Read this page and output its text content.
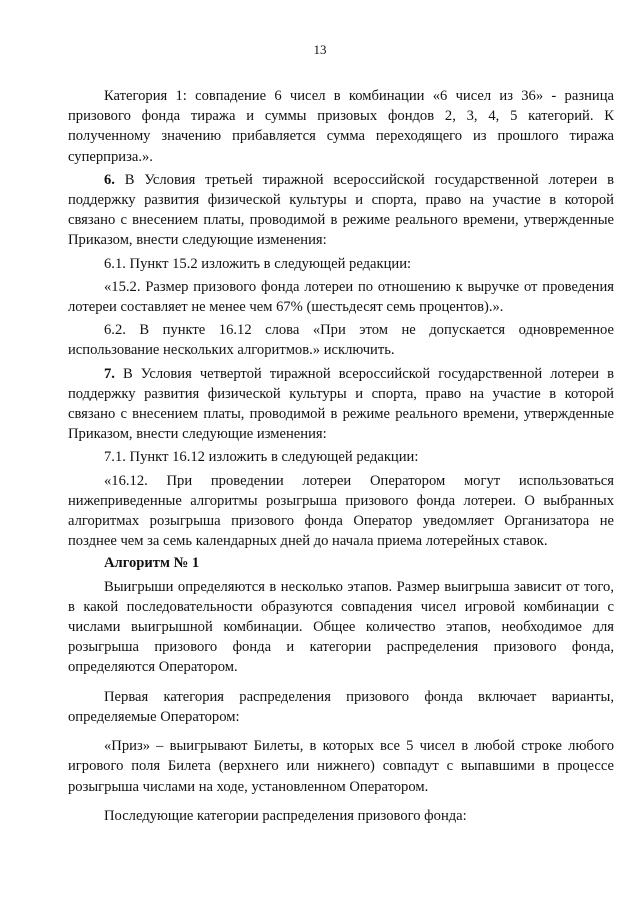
13

Категория 1: совпадение 6 чисел в комбинации «6 чисел из 36» - разница призового фонда тиража и суммы призовых фондов 2, 3, 4, 5 категорий. К полученному значению прибавляется сумма переходящего из прошлого тиража суперприза.».

6. В Условия третьей тиражной всероссийской государственной лотереи в поддержку развития физической культуры и спорта, право на участие в которой связано с внесением платы, проводимой в режиме реального времени, утвержденные Приказом, внести следующие изменения:

6.1. Пункт 15.2 изложить в следующей редакции:

«15.2. Размер призового фонда лотереи по отношению к выручке от проведения лотереи составляет не менее чем 67% (шестьдесят семь процентов).».

6.2. В пункте 16.12 слова «При этом не допускается одновременное использование нескольких алгоритмов.» исключить.

7. В Условия четвертой тиражной всероссийской государственной лотереи в поддержку развития физической культуры и спорта, право на участие в которой связано с внесением платы, проводимой в режиме реального времени, утвержденные Приказом, внести следующие изменения:

7.1. Пункт 16.12 изложить в следующей редакции:

«16.12. При проведении лотереи Оператором могут использоваться нижеприведенные алгоритмы розыгрыша призового фонда лотереи. О выбранных алгоритмах розыгрыша призового фонда Оператор уведомляет Организатора не позднее чем за семь календарных дней до начала приема лотерейных ставок.

Алгоритм № 1

Выигрыши определяются в несколько этапов. Размер выигрыша зависит от того, в какой последовательности образуются совпадения чисел игровой комбинации с числами выигрышной комбинации. Общее количество этапов, необходимое для розыгрыша призового фонда и категории распределения призового фонда, определяются Оператором.

Первая категория распределения призового фонда включает варианты, определяемые Оператором:

«Приз» – выигрывают Билеты, в которых все 5 чисел в любой строке любого игрового поля Билета (верхнего или нижнего) совпадут с выпавшими в процессе розыгрыша числами на ходе, установленном Оператором.

Последующие категории распределения призового фонда:
